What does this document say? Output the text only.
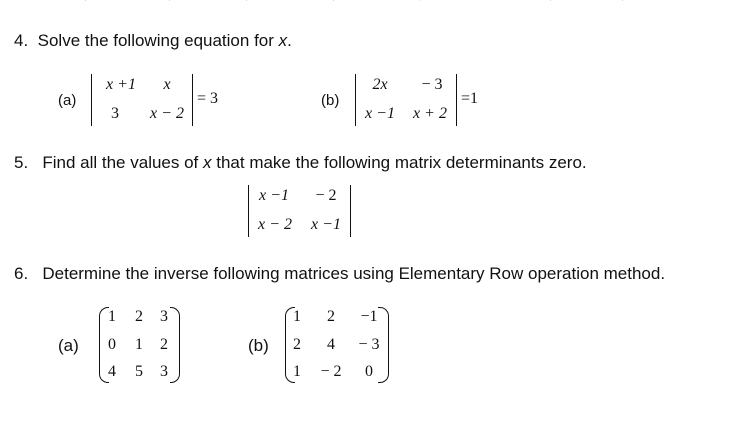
4. Solve the following equation for x.
(a)
x +1	x
3	x − 2
= 3	(b)
2x	− 3
x −1	x + 2
=1
5. Find all the values of x that make the following matrix determinants zero.
x −1	− 2
x − 2	x −1
6. Determine the inverse following matrices using Elementary Row operation method.
(a)
1 2 3
0 1 2
4 5 3
(b)
1	2	−1
2	4	− 3
1	− 2	0
